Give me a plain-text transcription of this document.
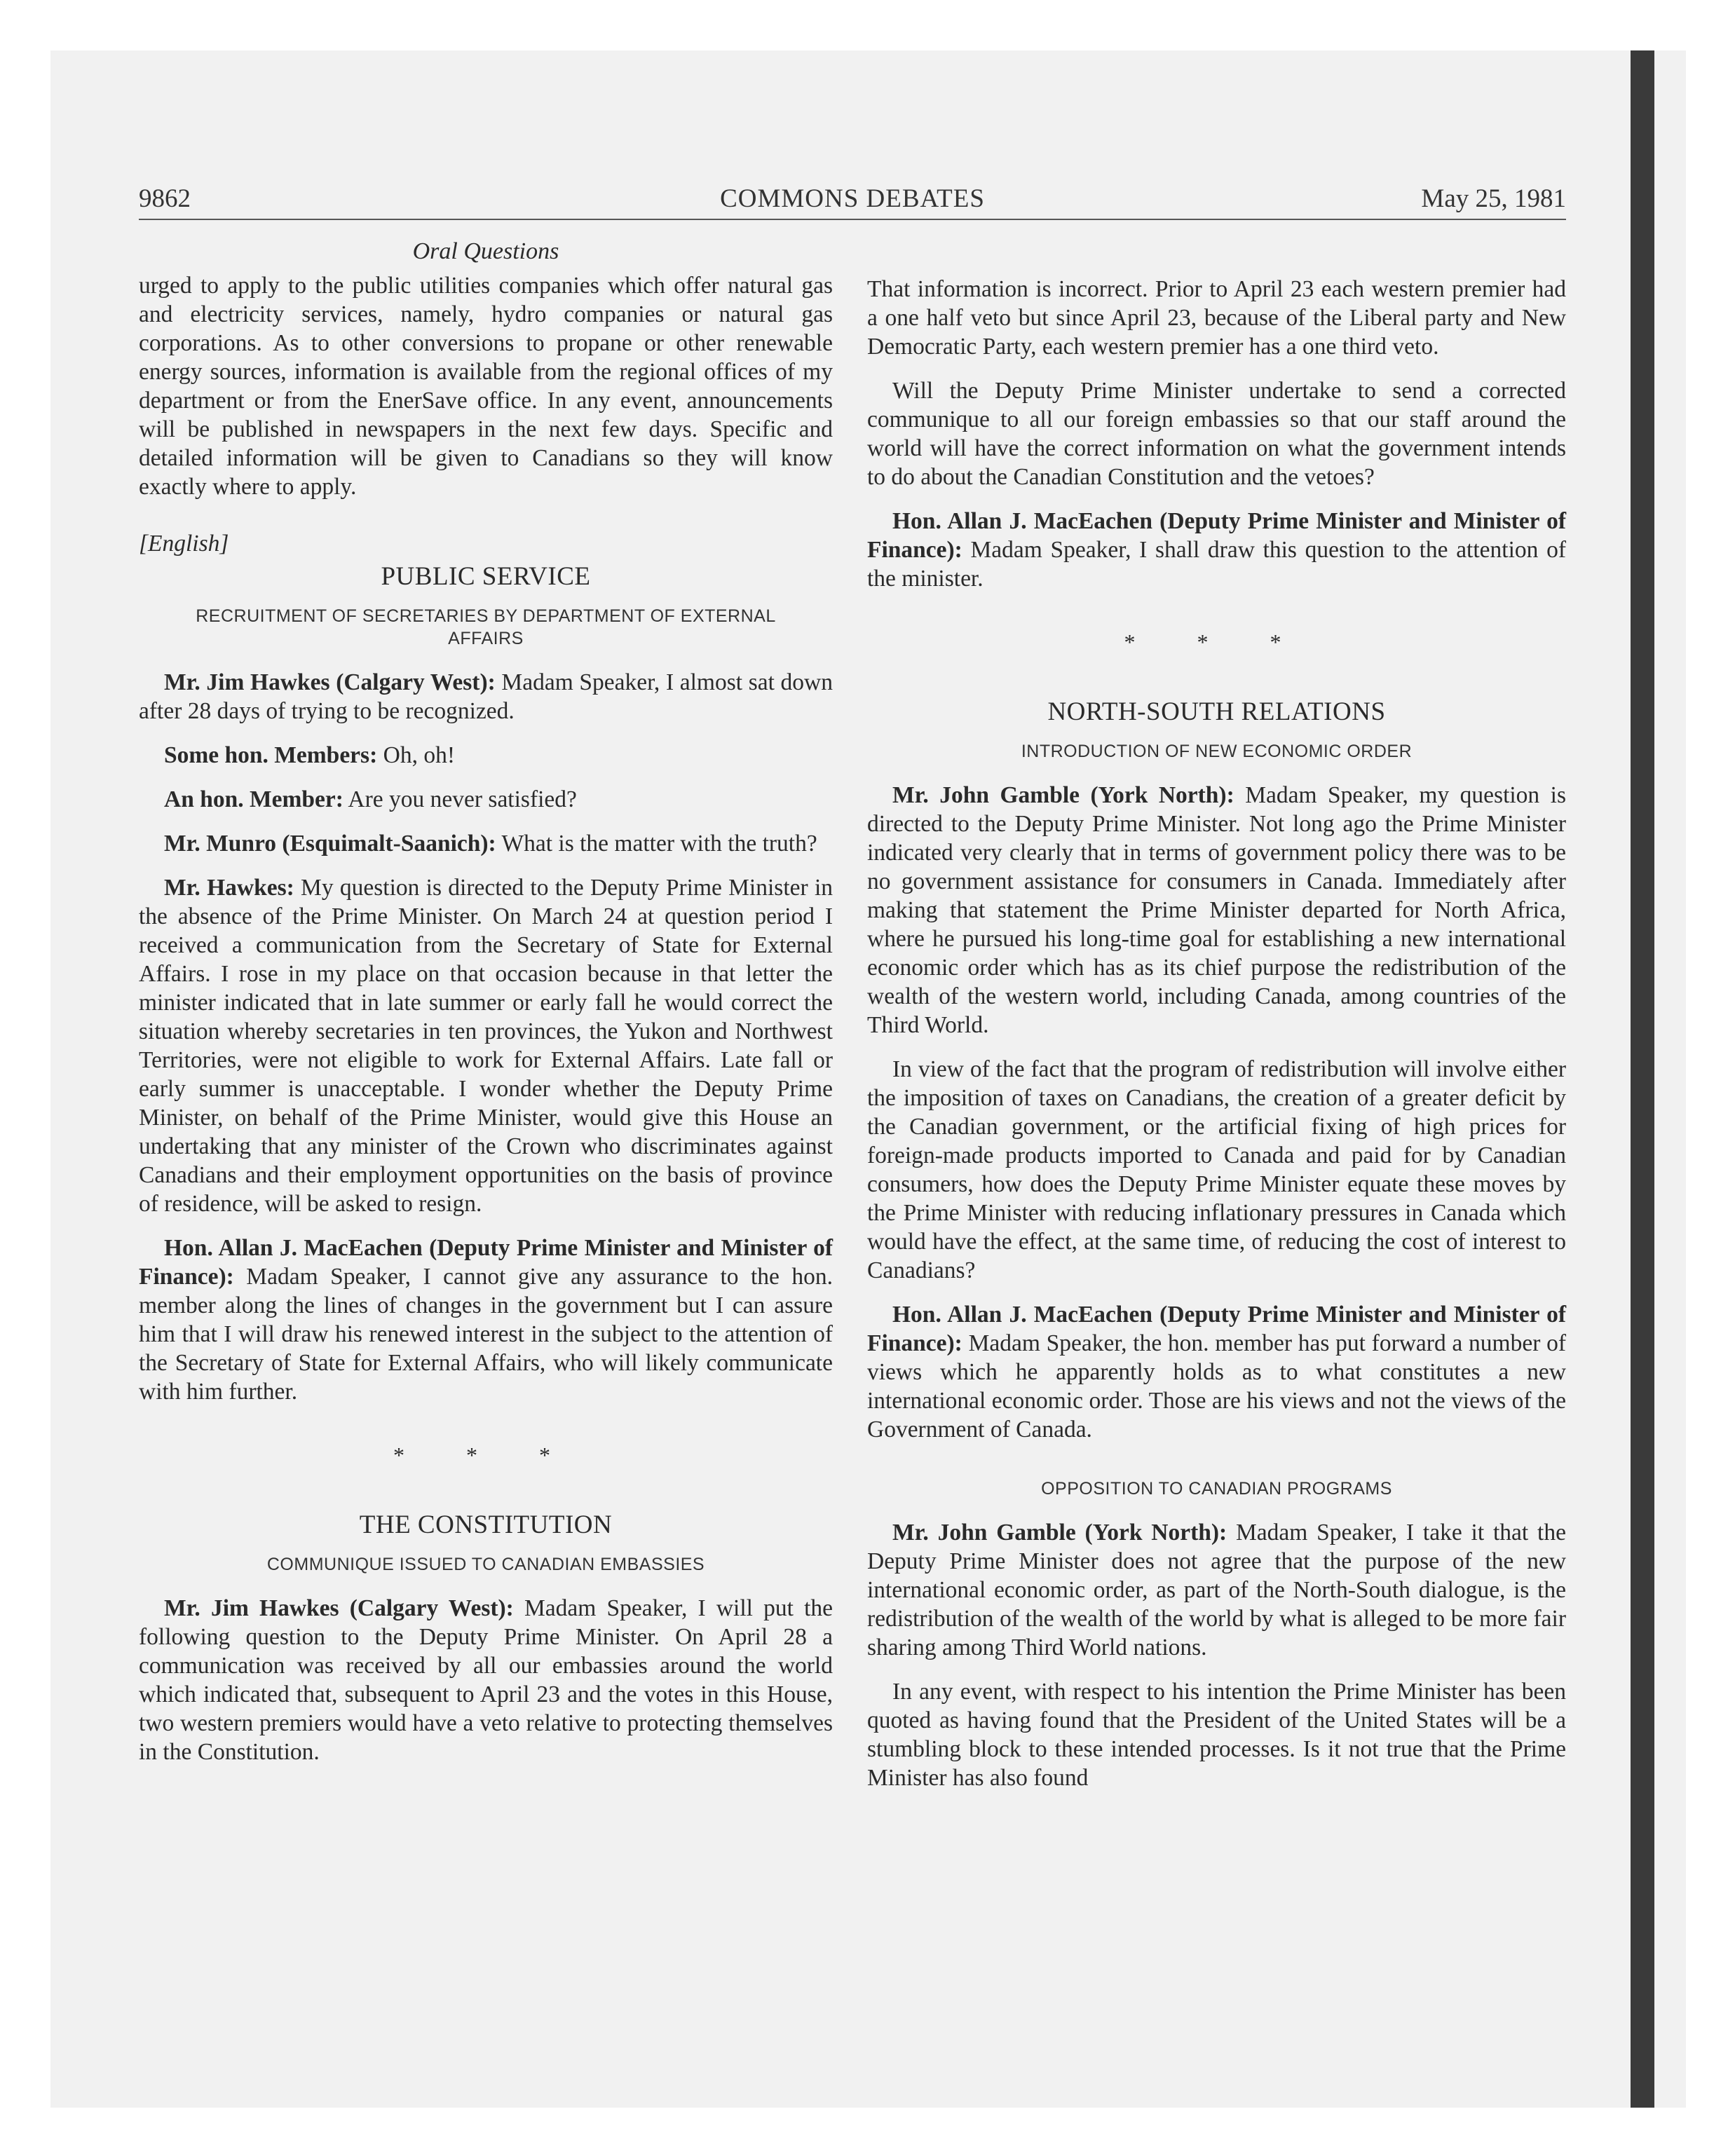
9862	COMMONS DEBATES	May 25, 1981
Oral Questions

urged to apply to the public utilities companies which offer natural gas and electricity services, namely, hydro companies or natural gas corporations. As to other conversions to propane or other renewable energy sources, information is available from the regional offices of my department or from the EnerSave office. In any event, announcements will be published in newspapers in the next few days. Specific and detailed information will be given to Canadians so they will know exactly where to apply.

[English]
PUBLIC SERVICE
RECRUITMENT OF SECRETARIES BY DEPARTMENT OF EXTERNAL AFFAIRS

Mr. Jim Hawkes (Calgary West): Madam Speaker, I almost sat down after 28 days of trying to be recognized.

Some hon. Members: Oh, oh!

An hon. Member: Are you never satisfied?

Mr. Munro (Esquimalt-Saanich): What is the matter with the truth?

Mr. Hawkes: My question is directed to the Deputy Prime Minister in the absence of the Prime Minister. On March 24 at question period I received a communication from the Secretary of State for External Affairs. I rose in my place on that occasion because in that letter the minister indicated that in late summer or early fall he would correct the situation whereby secretaries in ten provinces, the Yukon and Northwest Territories, were not eligible to work for External Affairs. Late fall or early summer is unacceptable. I wonder whether the Deputy Prime Minister, on behalf of the Prime Minister, would give this House an undertaking that any minister of the Crown who discriminates against Canadians and their employment opportunities on the basis of province of residence, will be asked to resign.

Hon. Allan J. MacEachen (Deputy Prime Minister and Minister of Finance): Madam Speaker, I cannot give any assurance to the hon. member along the lines of changes in the government but I can assure him that I will draw his renewed interest in the subject to the attention of the Secretary of State for External Affairs, who will likely communicate with him further.

* * *
THE CONSTITUTION
COMMUNIQUE ISSUED TO CANADIAN EMBASSIES

Mr. Jim Hawkes (Calgary West): Madam Speaker, I will put the following question to the Deputy Prime Minister. On April 28 a communication was received by all our embassies around the world which indicated that, subsequent to April 23 and the votes in this House, two western premiers would have a veto relative to protecting themselves in the Constitution.

That information is incorrect. Prior to April 23 each western premier had a one half veto but since April 23, because of the Liberal party and New Democratic Party, each western premier has a one third veto.

Will the Deputy Prime Minister undertake to send a corrected communique to all our foreign embassies so that our staff around the world will have the correct information on what the government intends to do about the Canadian Constitution and the vetoes?

Hon. Allan J. MacEachen (Deputy Prime Minister and Minister of Finance): Madam Speaker, I shall draw this question to the attention of the minister.

* * *
NORTH-SOUTH RELATIONS
INTRODUCTION OF NEW ECONOMIC ORDER

Mr. John Gamble (York North): Madam Speaker, my question is directed to the Deputy Prime Minister. Not long ago the Prime Minister indicated very clearly that in terms of government policy there was to be no government assistance for consumers in Canada. Immediately after making that statement the Prime Minister departed for North Africa, where he pursued his long-time goal for establishing a new international economic order which has as its chief purpose the redistribution of the wealth of the western world, including Canada, among countries of the Third World.

In view of the fact that the program of redistribution will involve either the imposition of taxes on Canadians, the creation of a greater deficit by the Canadian government, or the artificial fixing of high prices for foreign-made products imported to Canada and paid for by Canadian consumers, how does the Deputy Prime Minister equate these moves by the Prime Minister with reducing inflationary pressures in Canada which would have the effect, at the same time, of reducing the cost of interest to Canadians?

Hon. Allan J. MacEachen (Deputy Prime Minister and Minister of Finance): Madam Speaker, the hon. member has put forward a number of views which he apparently holds as to what constitutes a new international economic order. Those are his views and not the views of the Government of Canada.

OPPOSITION TO CANADIAN PROGRAMS

Mr. John Gamble (York North): Madam Speaker, I take it that the Deputy Prime Minister does not agree that the purpose of the new international economic order, as part of the North-South dialogue, is the redistribution of the wealth of the world by what is alleged to be more fair sharing among Third World nations.

In any event, with respect to his intention the Prime Minister has been quoted as having found that the President of the United States will be a stumbling block to these intended processes. Is it not true that the Prime Minister has also found
